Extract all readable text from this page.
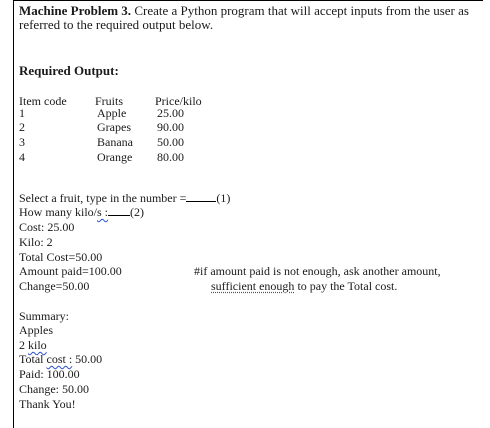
Machine Problem 3. Create a Python program that will accept inputs from the user as
referred to the required output below.
Required Output:
Item code Fruits	Price/kilo
1	Apple	25.00
2	Grapes 90.00
3	Banana 50.00
4	Orange 80.00
Select a fruit, type in the number =	(1)
How many kilo/s : (2)
Cost: 25.00
Kilo: 2
Total Cost=50.00
Amount paid=100.00
Change=50.00
#if amount paid is not enough, ask another amount,
sufficient enough to pay the Total cost.
Summary:
Apples
2 kilo
Total cost : 50.00
Paid: 100.00
Change: 50.00
Thank You!
